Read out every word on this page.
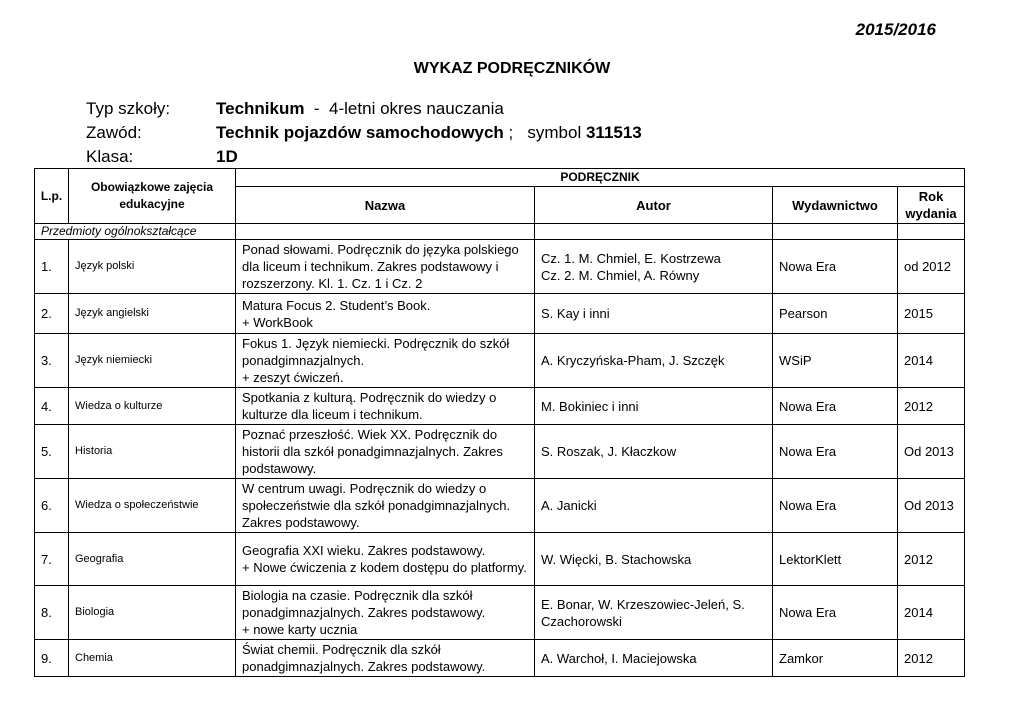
2015/2016
WYKAZ PODRĘCZNIKÓW
Typ szkoły:	Technikum  -  4-letni okres nauczania
Zawód:	Technik pojazdów samochodowych ;   symbol 311513
Klasa:	1D
L.p.	Obowiązkowe zajęcia edukacyjne	PODRĘCZNIK			
		Nazwa	Autor	Wydawnictwo	Rok wydania
Przedmioty ogólnokształcące					
1.	Język polski	Ponad słowami. Podręcznik do języka polskiego dla liceum i technikum. Zakres podstawowy i rozszerzony. Kl. 1. Cz. 1 i Cz. 2	Cz. 1. M. Chmiel, E. Kostrzewa
Cz. 2. M. Chmiel, A. Równy	Nowa Era	od 2012
2.	Język angielski	Matura Focus 2. Student’s Book.
+ WorkBook	S. Kay i inni	Pearson	2015
3.	Język niemiecki	Fokus 1. Język niemiecki. Podręcznik do szkół ponadgimnazjalnych.
+ zeszyt ćwiczeń.	A. Kryczyńska-Pham, J. Szczęk	WSiP	2014
4.	Wiedza o kulturze	Spotkania z kulturą. Podręcznik do wiedzy o kulturze dla liceum i technikum.	M. Bokiniec i inni	Nowa Era	2012
5.	Historia	Poznać przeszłość. Wiek XX. Podręcznik do historii dla szkół ponadgimnazjalnych. Zakres podstawowy.	S. Roszak, J. Kłaczkow	Nowa Era	Od 2013
6.	Wiedza o społeczeństwie	W centrum uwagi. Podręcznik do wiedzy o społeczeństwie dla szkół ponadgimnazjalnych. Zakres podstawowy.	A. Janicki	Nowa Era	Od 2013
7.	Geografia	Geografia XXI wieku. Zakres podstawowy.
+ Nowe ćwiczenia z kodem dostępu do platformy.	W. Więcki, B. Stachowska	LektorKlett	2012
8.	Biologia	Biologia na czasie. Podręcznik dla szkół ponadgimnazjalnych. Zakres podstawowy.
+ nowe karty ucznia	E. Bonar, W. Krzeszowiec-Jeleń, S. Czachorowski	Nowa Era	2014
9.	Chemia	Świat chemii. Podręcznik dla szkół ponadgimnazjalnych. Zakres podstawowy.	A. Warchoł, I. Maciejowska	Zamkor	2012
